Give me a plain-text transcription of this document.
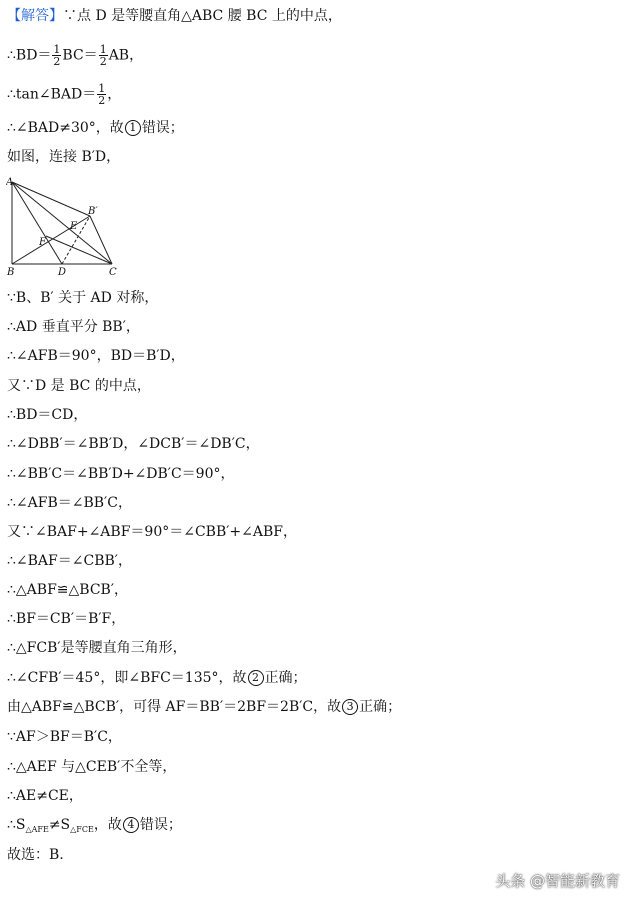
【解答】∵点 D 是等腰直角△ABC 腰 BC 上的中点，
∴BD＝ $\frac{1}{2} BC= \frac{1}{2}$ AB，
∴tan∠BAD＝ $\frac{1}{2}$ ，
∴∠BAD≠30°，故 1 错误；
如图，连接 B′D，
A
B	D	C
B′
E
F
∵B、B′ 关于 AD 对称，
∴AD 垂直平分 BB′，
∴∠AFB＝90°，BD＝B′D，
又∵D 是 BC 的中点，
∴BD＝CD，
∴∠DBB′＝∠BB′D，∠DCB′＝∠DB′C，
∴∠BB′C＝∠BB′D+∠DB′C＝90°，
∴∠AFB＝∠BB′C，
又∵∠BAF+∠ABF＝90°＝∠CBB′+∠ABF，
∴∠BAF＝∠CBB′，
∴△ABF≌△BCB′，
∴BF＝CB′＝B′F，
∴△FCB′是等腰直角三角形，
∴∠CFB′＝45°，即∠BFC＝135°，故 2 正确；
由△ABF≌△BCB′，可得 AF＝BB′＝2BF＝2B′C，故 3 正确；
∵AF＞BF＝B′C，
∴△AEF 与△CEB′不全等，
∴AE≠CE，
$\therefore S_{\triangle AFE}\ne S_{\triangle FCE}$，故 4 错误；
故选：B.
头条 @智能新教育
